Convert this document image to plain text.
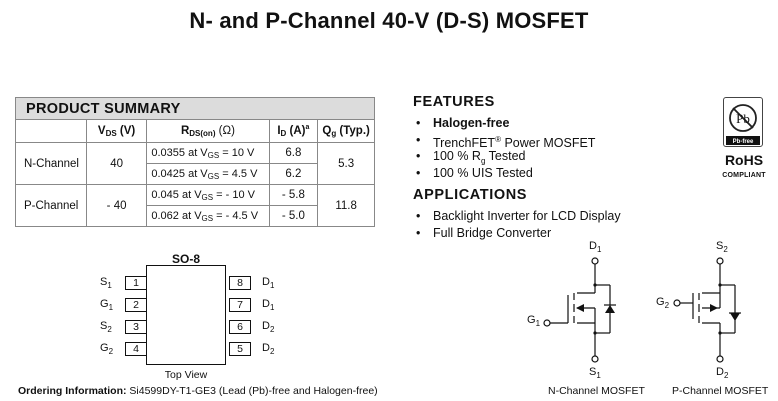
N- and P-Channel 40-V (D-S) MOSFET
PRODUCT SUMMARY				
	$V_{DS}$ (V)	$R_{DS(on)}$ (Ω)	$I_D$ $(A)^a$	$Q_g$ (Typ.)
N-Channel	40	0.0355 at $V_{GS} = 10$ V	6.8	5.3
		0.0425 at $V_{GS} = 4.5$ V	6.2	
P-Channel	- 40	0.045 at $V_{GS}$ = - 10 V	- 5.8	11.8
		0.062 at $V_{GS}$ = - 4.5 V	- 5.0	
FEATURES
• Halogen-free
• TrenchFET® Power MOSFET
• 100 % $R_g$ Tested
• 100 % UIS Tested
APPLICATIONS
• Backlight Inverter for LCD Display
• Full Bridge Converter
Pb
Pb-free
RoHS
COMPLIANT
SO-8
1
2
3
4
8
7
6
5
$S_1$
$G_1$
$S_2$
$G_2$
$D_1$
$D_1$
$D_2$
$D_2$
Top View
Ordering Information: Si4599DY-T1-GE3 (Lead (Pb)-free and Halogen-free)
$D_1$
$G_1$
$S_1$
N-Channel MOSFET
$S_2$
$G_2$
$D_2$
P-Channel MOSFET
